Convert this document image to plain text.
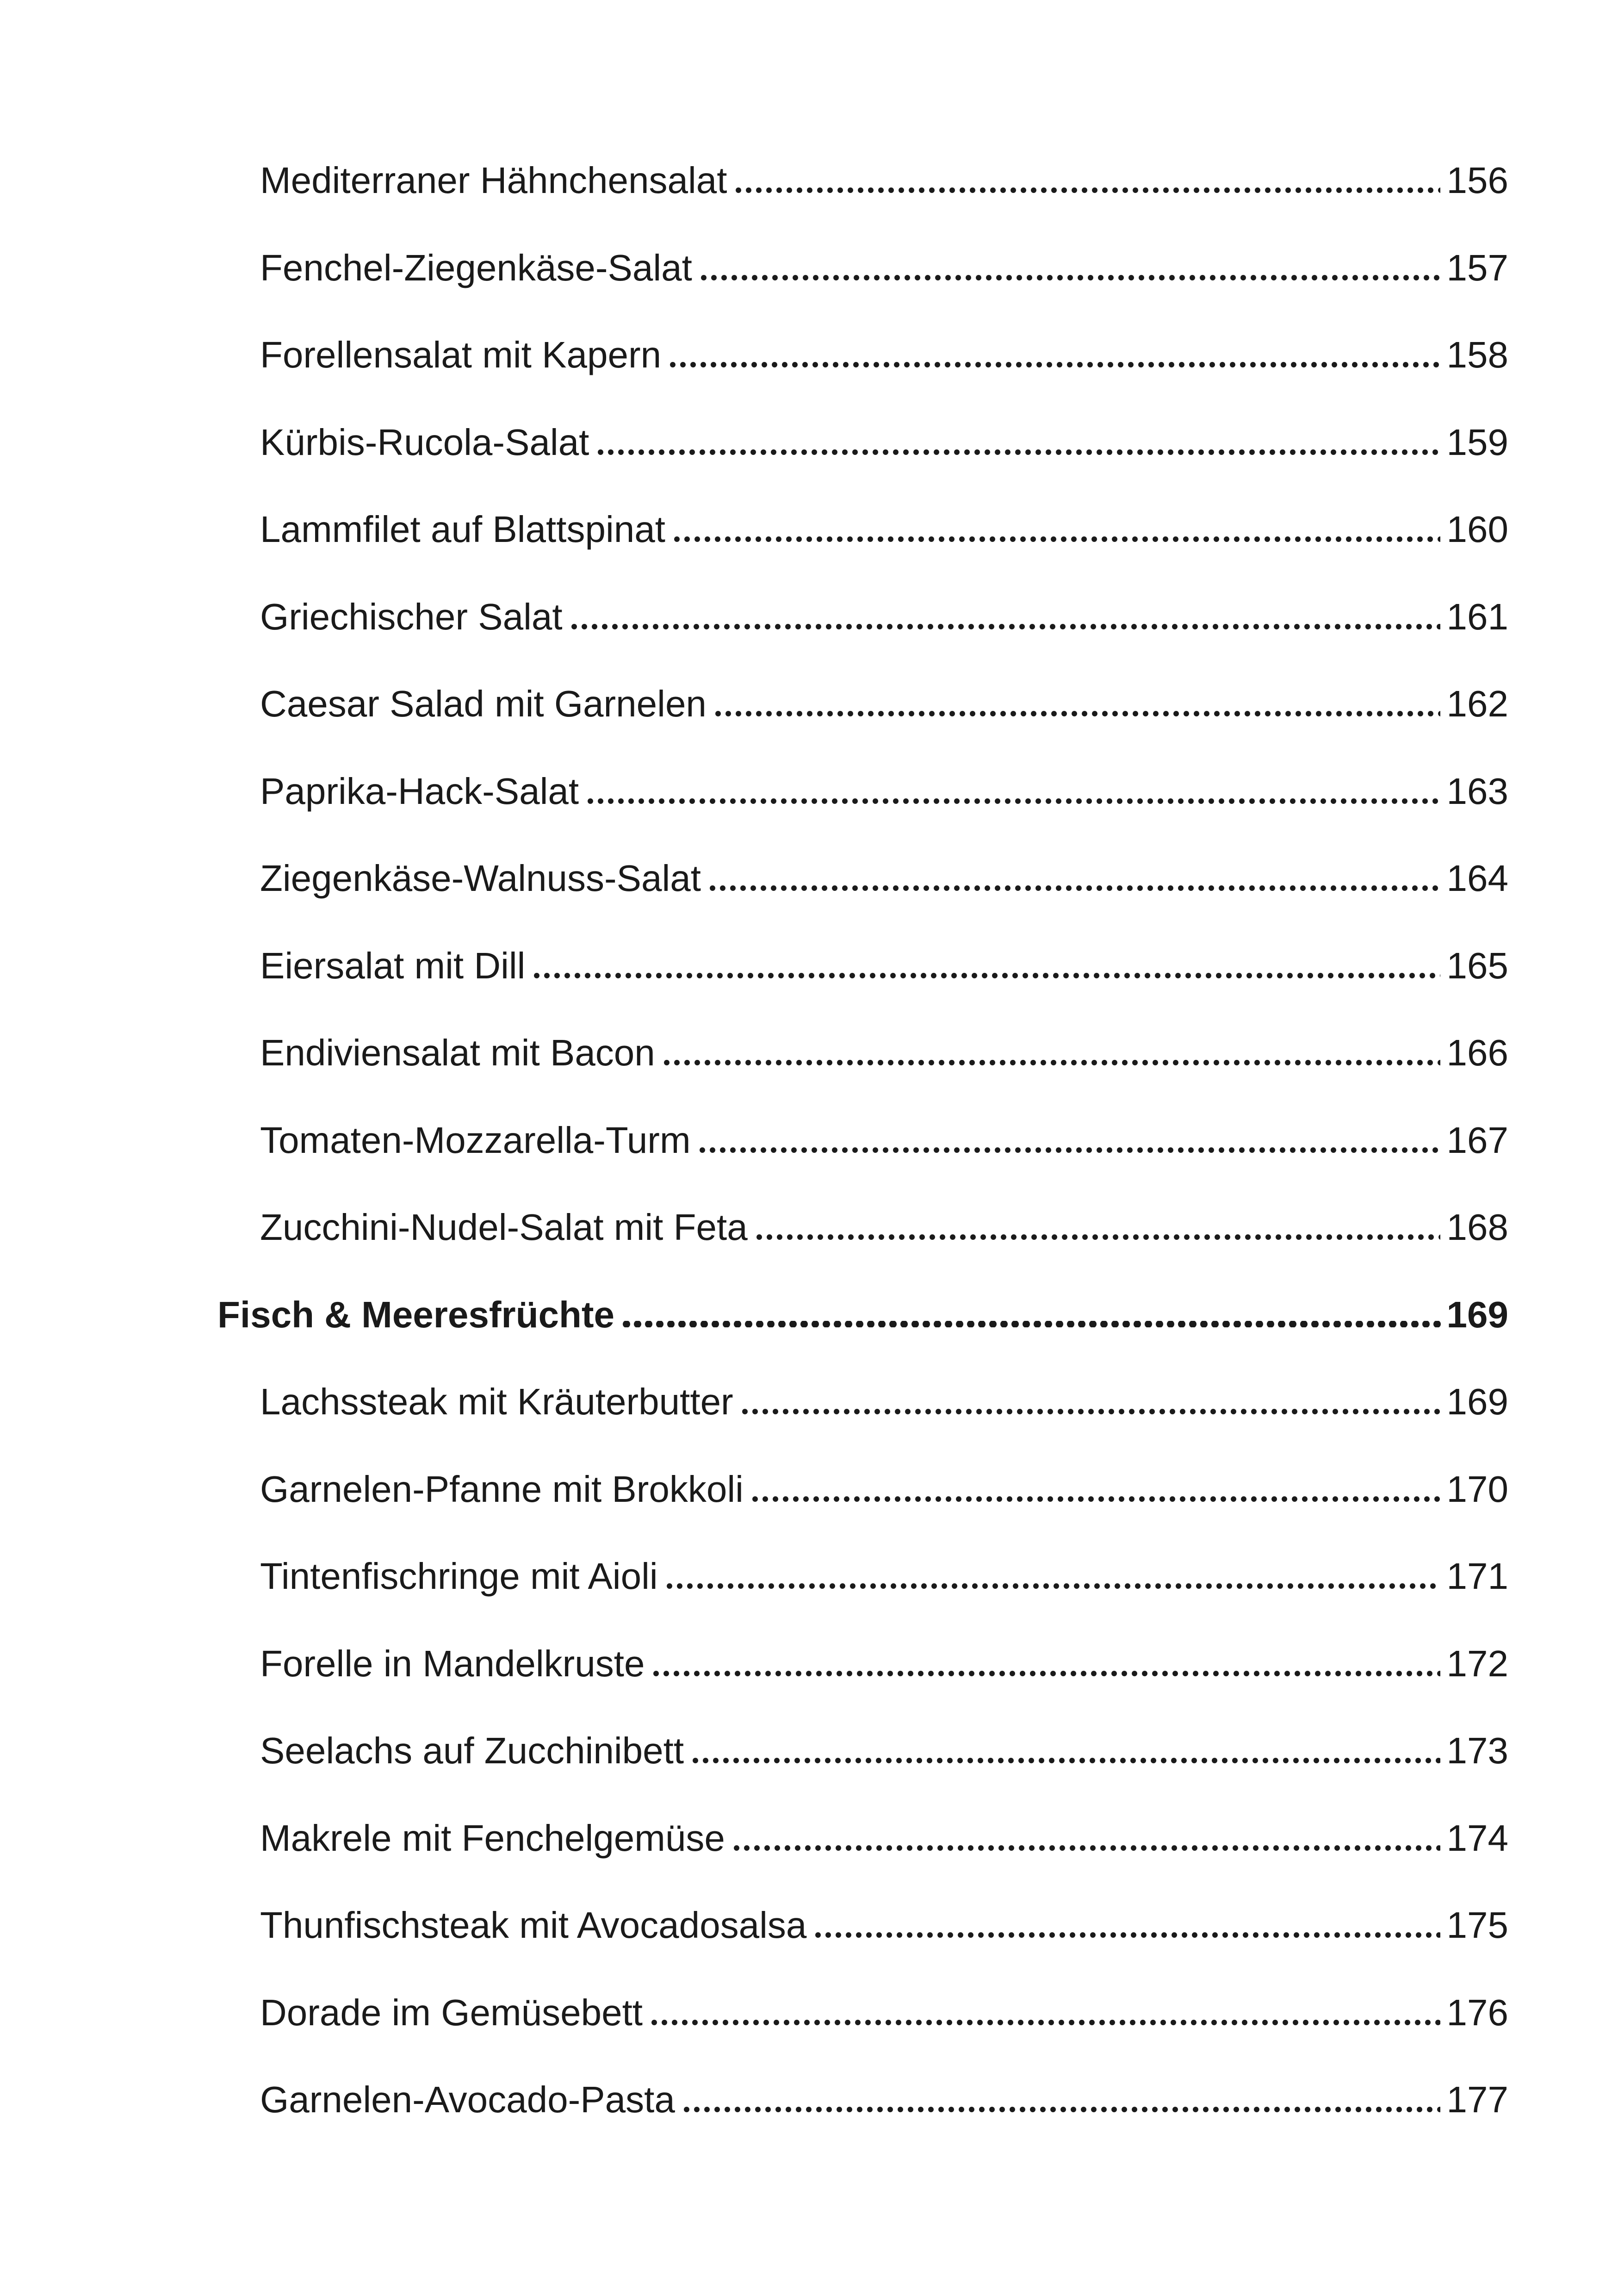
Mediterraner Hähnchensalat	156
Fenchel-Ziegenkäse-Salat	157
Forellensalat mit Kapern	158
Kürbis-Rucola-Salat	159
Lammfilet auf Blattspinat	160
Griechischer Salat	161
Caesar Salad mit Garnelen	162
Paprika-Hack-Salat	163
Ziegenkäse-Walnuss-Salat	164
Eiersalat mit Dill	165
Endiviensalat mit Bacon	166
Tomaten-Mozzarella-Turm	167
Zucchini-Nudel-Salat mit Feta	168
Fisch & Meeresfrüchte	169
Lachssteak mit Kräuterbutter	169
Garnelen-Pfanne mit Brokkoli	170
Tintenfischringe mit Aioli	171
Forelle in Mandelkruste	172
Seelachs auf Zucchinibett	173
Makrele mit Fenchelgemüse	174
Thunfischsteak mit Avocadosalsa	175
Dorade im Gemüsebett	176
Garnelen-Avocado-Pasta	177
